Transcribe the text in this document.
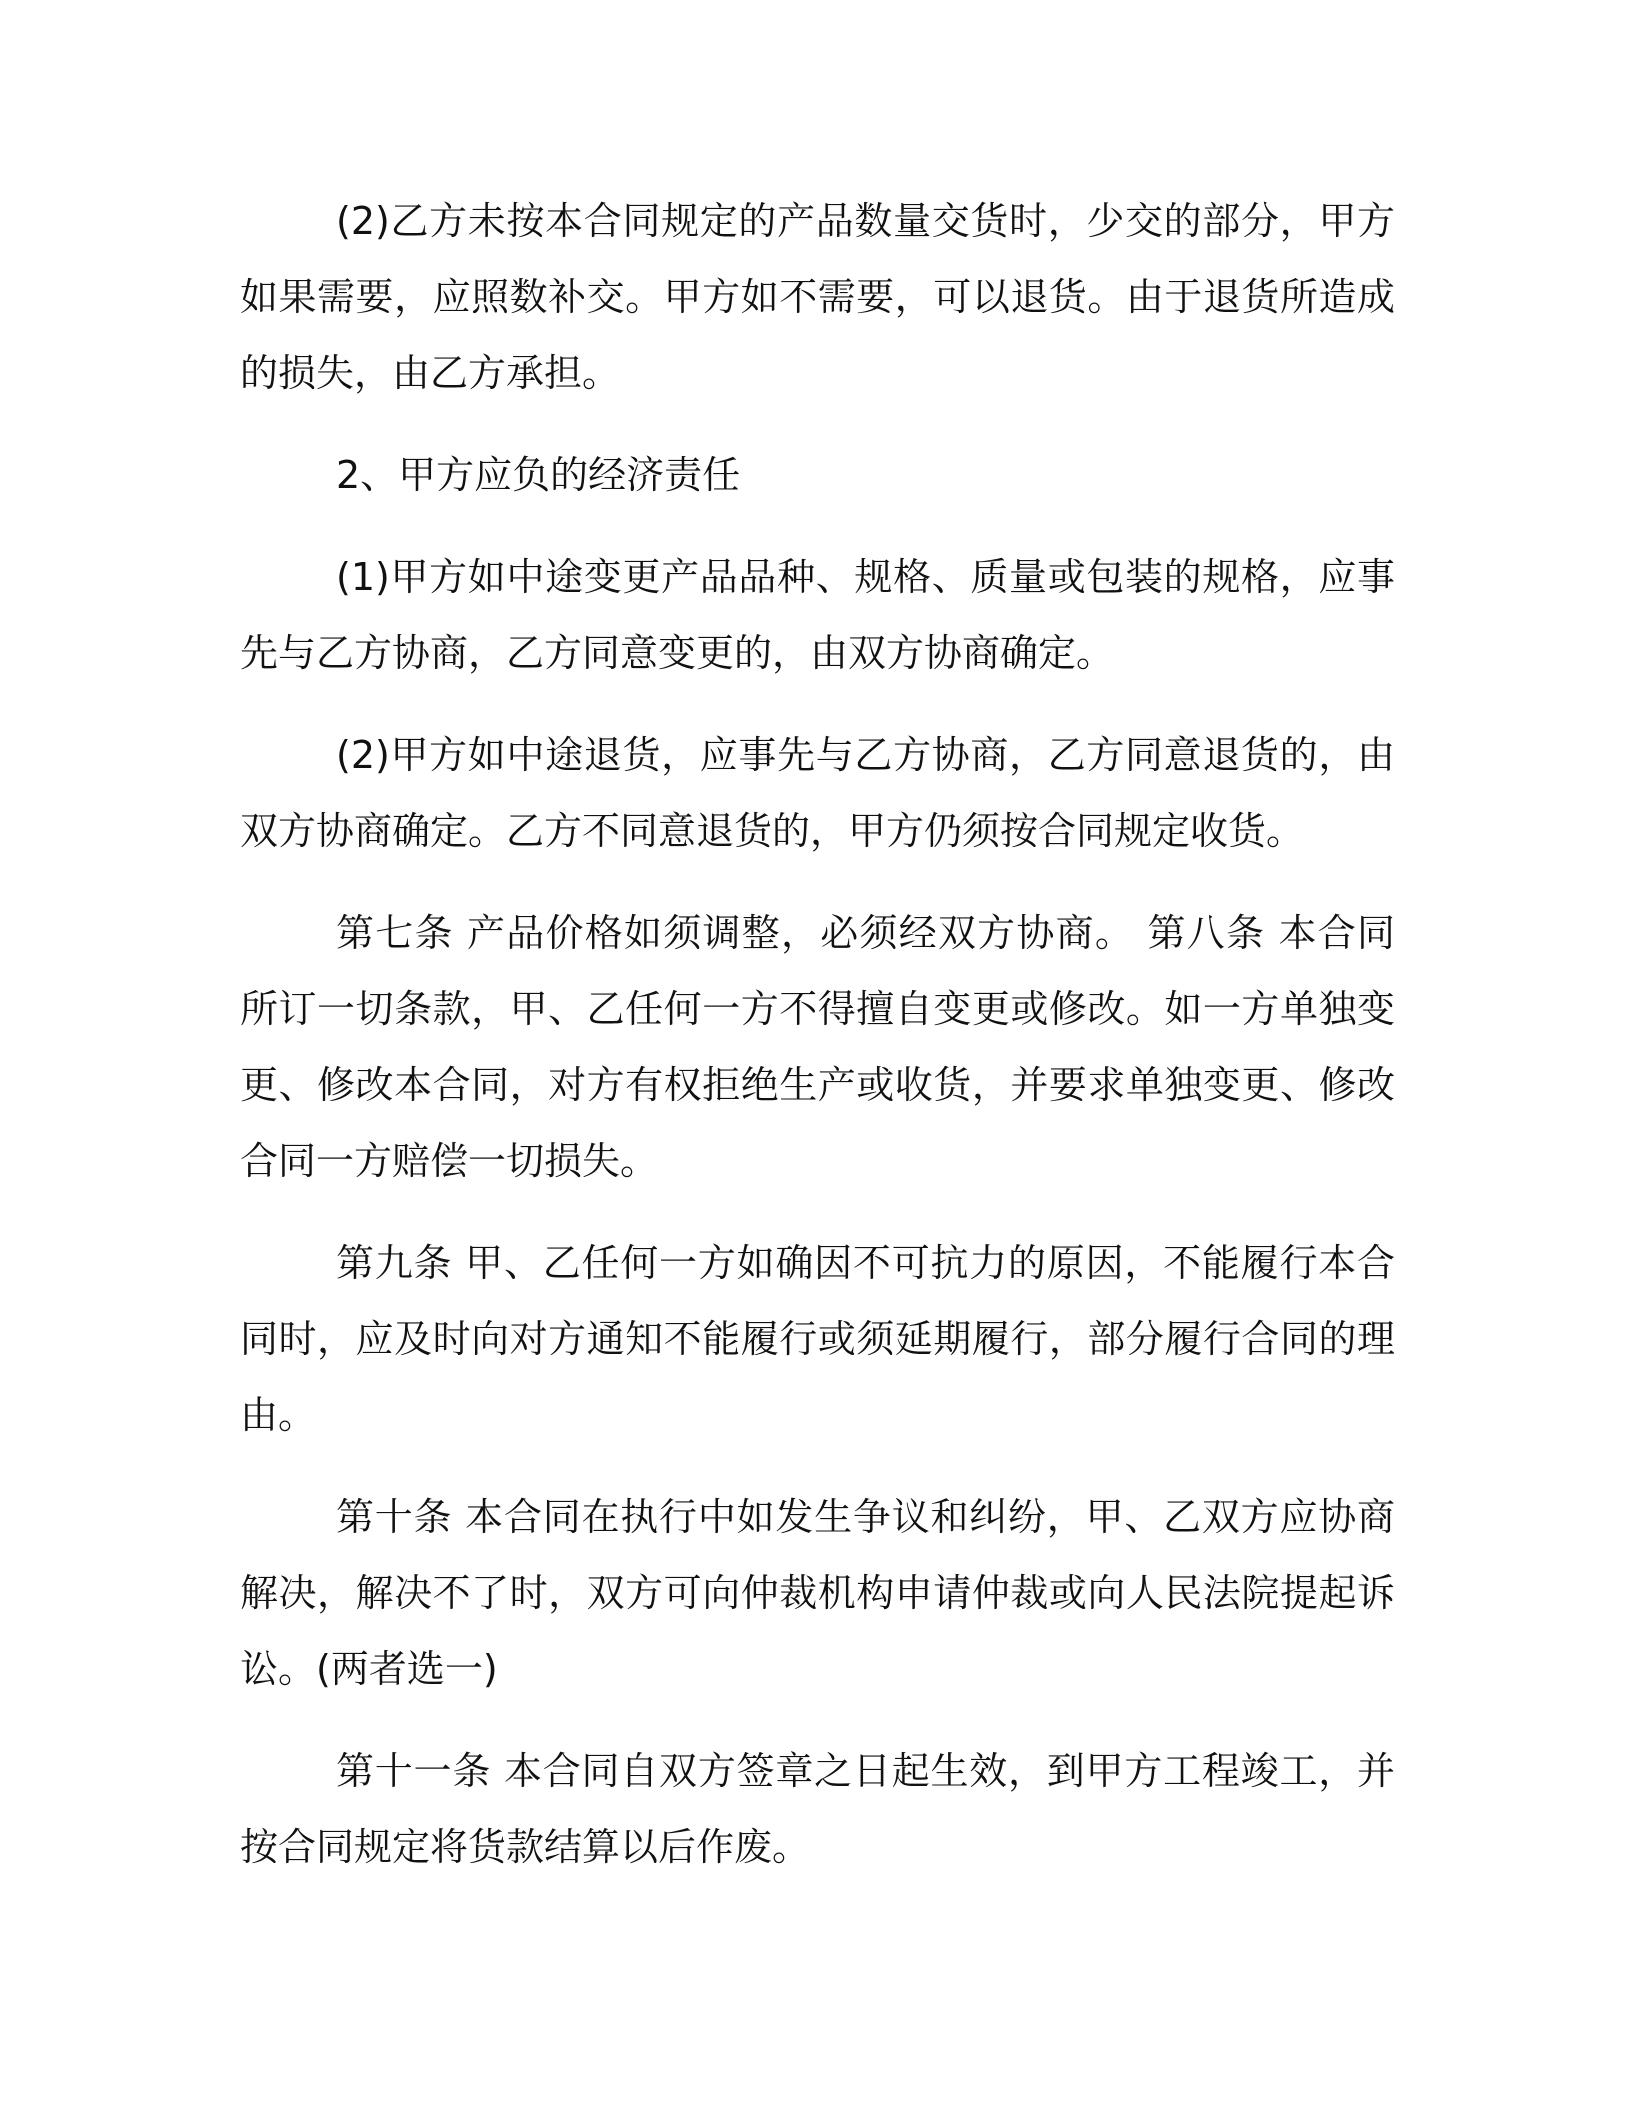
(2)乙方未按本合同规定的产品数量交货时，少交的部分，甲方如果需要，应照数补交。甲方如不需要，可以退货。由于退货所造成的损失，由乙方承担。

2、甲方应负的经济责任

(1)甲方如中途变更产品品种、规格、质量或包装的规格，应事先与乙方协商，乙方同意变更的，由双方协商确定。

(2)甲方如中途退货，应事先与乙方协商，乙方同意退货的，由双方协商确定。乙方不同意退货的，甲方仍须按合同规定收货。

第七条 产品价格如须调整，必须经双方协商。 第八条 本合同所订一切条款，甲、乙任何一方不得擅自变更或修改。如一方单独变更、修改本合同，对方有权拒绝生产或收货，并要求单独变更、修改合同一方赔偿一切损失。

第九条 甲、乙任何一方如确因不可抗力的原因，不能履行本合同时，应及时向对方通知不能履行或须延期履行，部分履行合同的理由。

第十条 本合同在执行中如发生争议和纠纷，甲、乙双方应协商解决，解决不了时，双方可向仲裁机构申请仲裁或向人民法院提起诉讼。(两者选一)

第十一条 本合同自双方签章之日起生效，到甲方工程竣工，并按合同规定将货款结算以后作废。
